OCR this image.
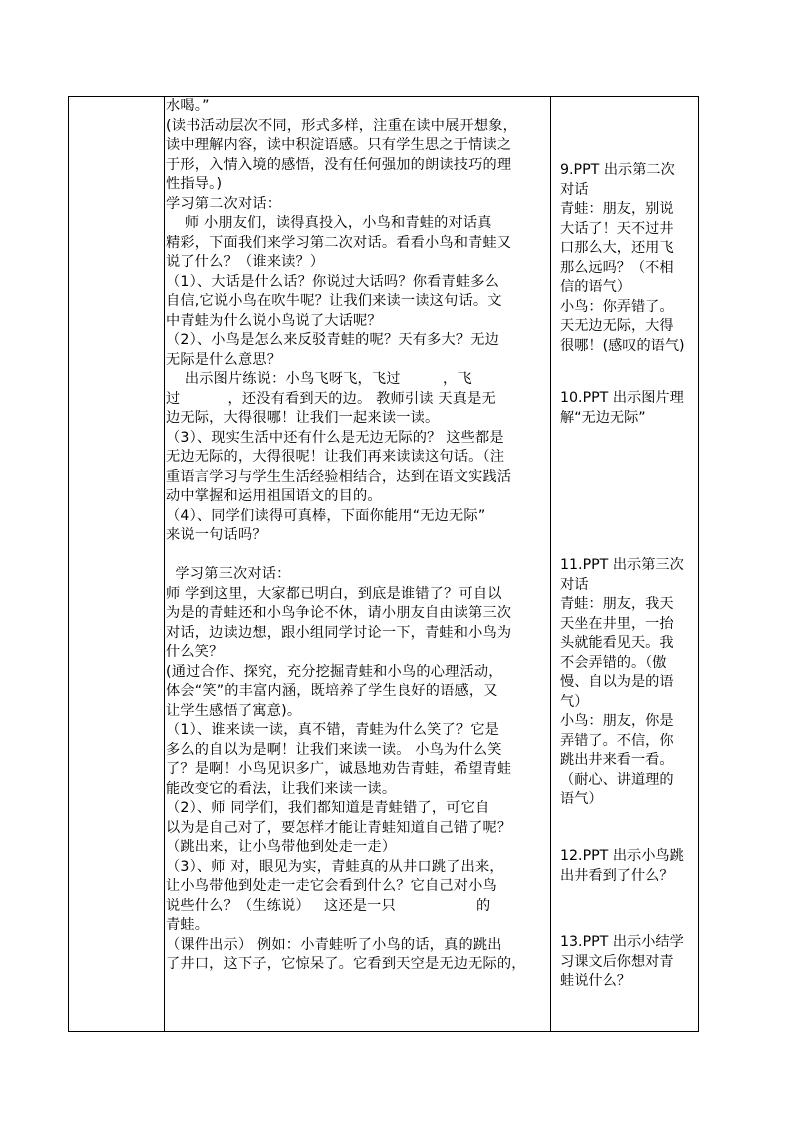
水喝。”

(读书活动层次不同，形式多样，注重在读中展开想象，

读中理解内容，读中积淀语感。只有学生思之于情读之

于形，入情入境的感悟，没有任何强加的朗读技巧的理

性指导。)

学习第二次对话：

师 小朋友们，读得真投入，小鸟和青蛙的对话真

精彩，下面我们来学习第二次对话。看看小鸟和青蛙又

说了什么？（谁来读？）

（1）、大话是什么话？你说过大话吗？你看青蛙多么

自信,它说小鸟在吹牛呢？让我们来读一读这句话。文

中青蛙为什么说小鸟说了大话呢？

（2）、小鸟是怎么来反驳青蛙的呢？天有多大？无边

无际是什么意思？

出示图片练说：小鸟飞呀飞，飞过         ，飞

过          ，还没有看到天的边。 教师引读 天真是无

边无际，大得很哪！让我们一起来读一读。

（3）、现实生活中还有什么是无边无际的？ 这些都是

无边无际的，大得很呢！让我们再来读读这句话。（注

重语言学习与学生生活经验相结合，达到在语文实践活

动中掌握和运用祖国语文的目的。

（4）、同学们读得可真棒，下面你能用“无边无际”

来说一句话吗？

学习第三次对话：

师 学到这里，大家都已明白，到底是谁错了？可自以

为是的青蛙还和小鸟争论不休，请小朋友自由读第三次

对话，边读边想，跟小组同学讨论一下，青蛙和小鸟为

什么笑？

(通过合作、探究，充分挖掘青蛙和小鸟的心理活动，

体会“笑”的丰富内涵，既培养了学生良好的语感，又

让学生感悟了寓意)。

（1）、谁来读一读，真不错，青蛙为什么笑了？它是

多么的自以为是啊！让我们来读一读。 小鸟为什么笑

了？是啊！小鸟见识多广，诚恳地劝告青蛙，希望青蛙

能改变它的看法，让我们来读一读。

（2）、师 同学们，我们都知道是青蛙错了，可它自

以为是自己对了，要怎样才能让青蛙知道自己错了呢？

（跳出来，让小鸟带他到处走一走）

（3）、师 对，眼见为实，青蛙真的从井口跳了出来，

让小鸟带他到处走一走它会看到什么？它自己对小鸟

说些什么？（生练说）   这还是一只                 的

青蛙。

（课件出示） 例如：小青蛙听了小鸟的话，真的跳出

了井口，这下子，它惊呆了。它看到天空是无边无际的，

9.PPT 出示第二次

对话

青蛙：朋友，别说

大话了！天不过井

口那么大，还用飞

那么远吗？（不相

信的语气）

小鸟：你弄错了。

天无边无际，大得

很哪！(感叹的语气)

10.PPT 出示图片理

解“无边无际”

11.PPT 出示第三次

对话

青蛙：朋友，我天

天坐在井里，一抬

头就能看见天。我

不会弄错的。（傲

慢、自以为是的语

气）

小鸟：朋友，你是

弄错了。不信，你

跳出井来看一看。

（耐心、讲道理的

语气）

12.PPT 出示小鸟跳

出井看到了什么？

13.PPT 出示小结学

习课文后你想对青

蛙说什么？
